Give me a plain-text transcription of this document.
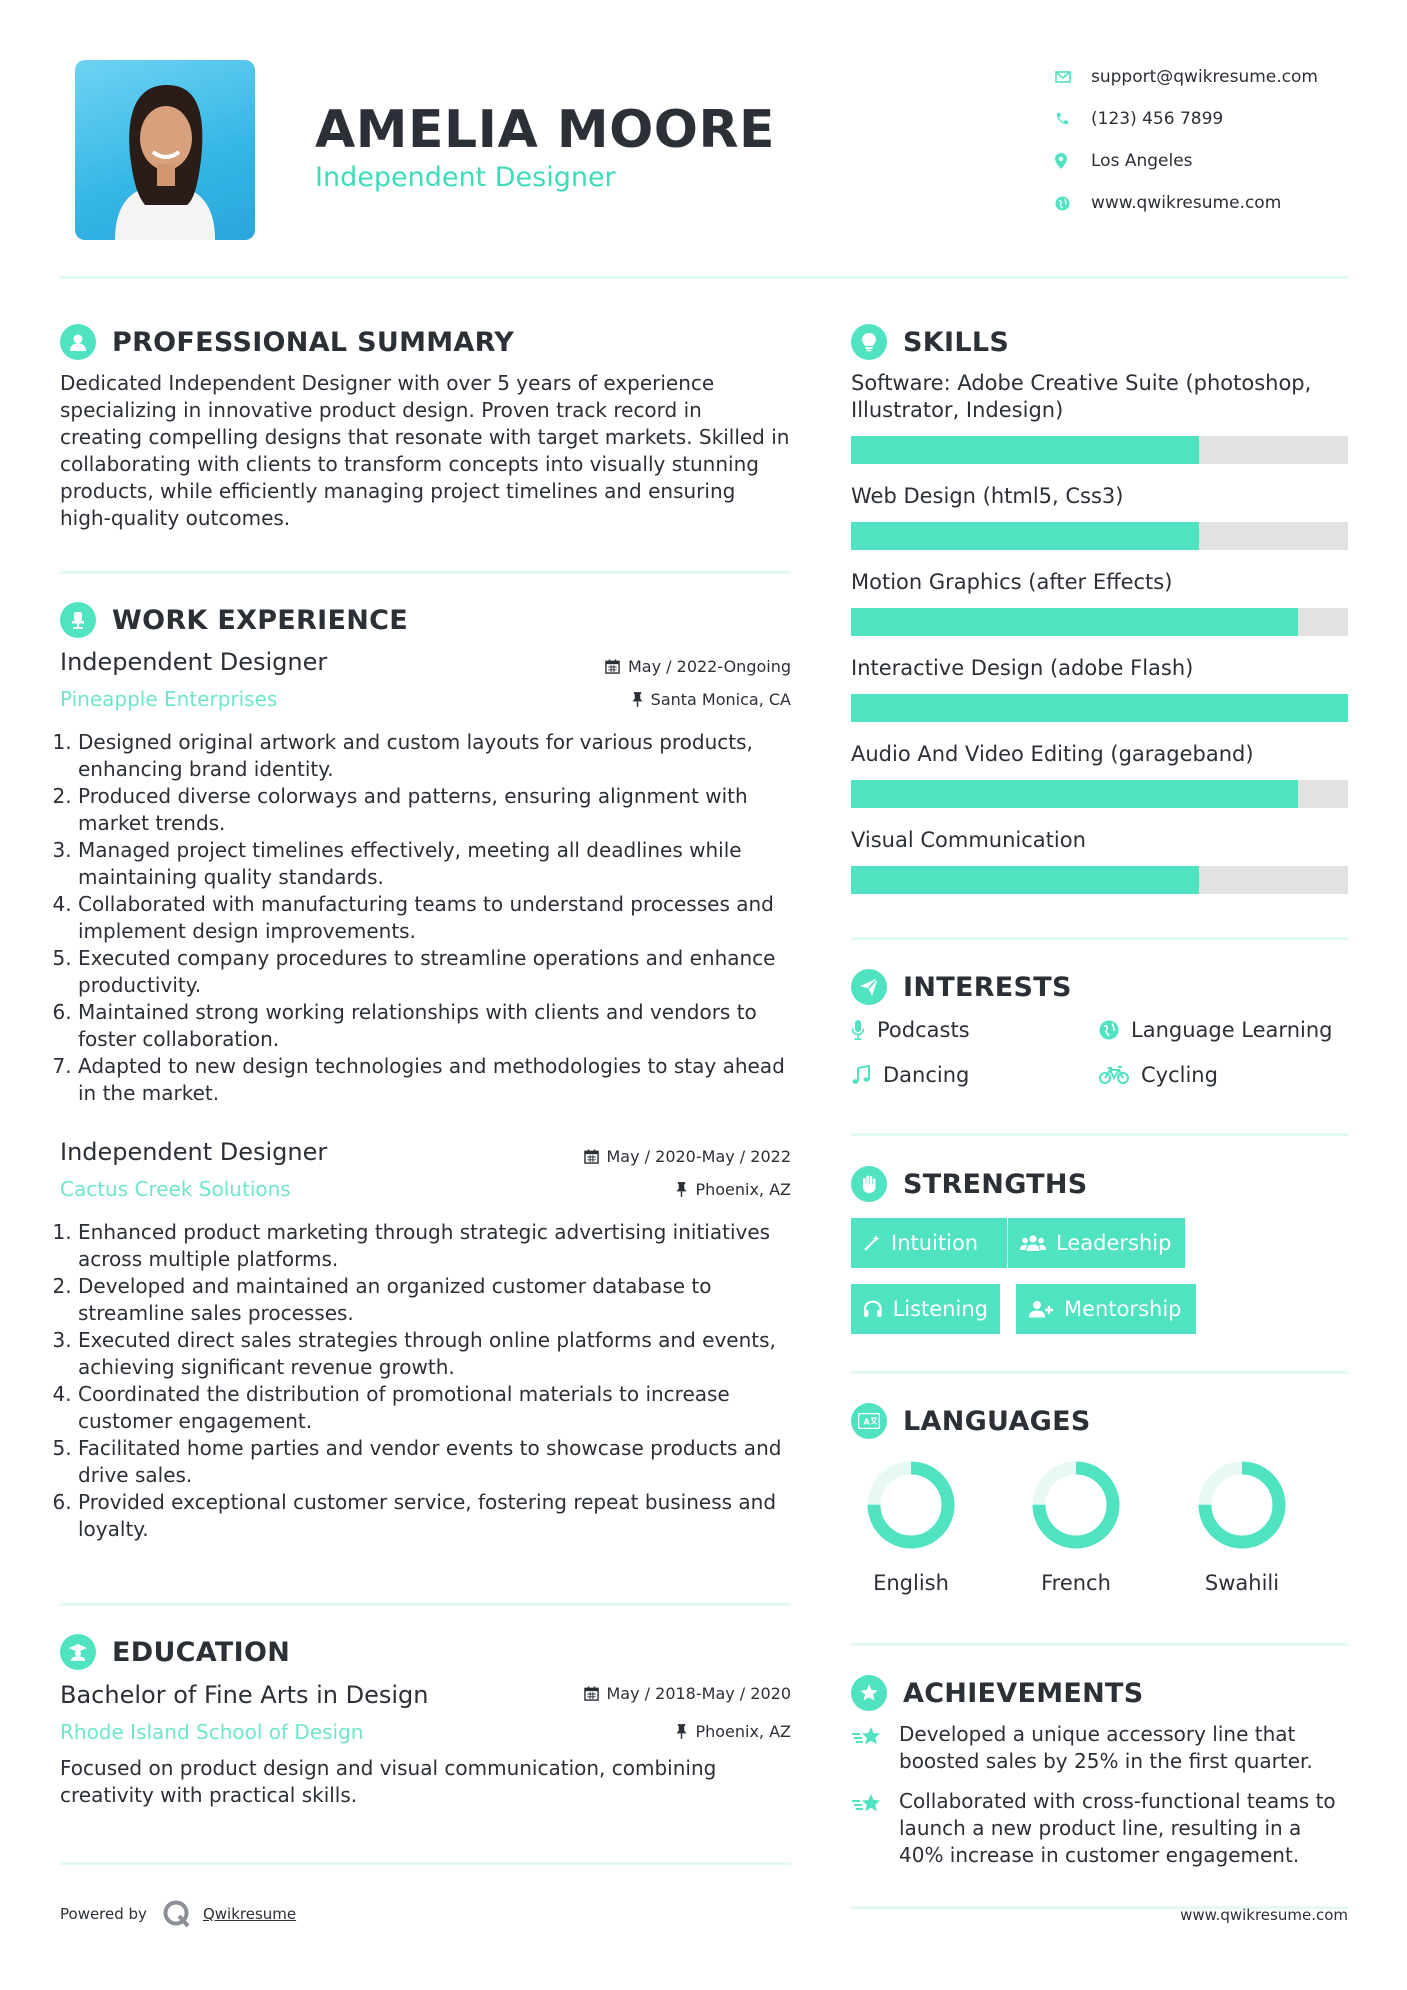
AMELIA MOORE
Independent Designer
support@qwikresume.com
(123) 456 7899
Los Angeles
www.qwikresume.com
PROFESSIONAL SUMMARY
Dedicated Independent Designer with over 5 years of experience specializing in innovative product design. Proven track record in creating compelling designs that resonate with target markets. Skilled in collaborating with clients to transform concepts into visually stunning products, while efficiently managing project timelines and ensuring high-quality outcomes.
WORK EXPERIENCE
Independent Designer	May / 2022-Ongoing
Pineapple Enterprises	Santa Monica, CA
1. Designed original artwork and custom layouts for various products, enhancing brand identity.
2. Produced diverse colorways and patterns, ensuring alignment with market trends.
3. Managed project timelines effectively, meeting all deadlines while maintaining quality standards.
4. Collaborated with manufacturing teams to understand processes and implement design improvements.
5. Executed company procedures to streamline operations and enhance productivity.
6. Maintained strong working relationships with clients and vendors to foster collaboration.
7. Adapted to new design technologies and methodologies to stay ahead in the market.
Independent Designer	May / 2020-May / 2022
Cactus Creek Solutions	Phoenix, AZ
1. Enhanced product marketing through strategic advertising initiatives across multiple platforms.
2. Developed and maintained an organized customer database to streamline sales processes.
3. Executed direct sales strategies through online platforms and events, achieving significant revenue growth.
4. Coordinated the distribution of promotional materials to increase customer engagement.
5. Facilitated home parties and vendor events to showcase products and drive sales.
6. Provided exceptional customer service, fostering repeat business and loyalty.
EDUCATION
Bachelor of Fine Arts in Design	May / 2018-May / 2020
Rhode Island School of Design	Phoenix, AZ
Focused on product design and visual communication, combining creativity with practical skills.
SKILLS
Software: Adobe Creative Suite (photoshop, Illustrator, Indesign)
Web Design (html5, Css3)
Motion Graphics (after Effects)
Interactive Design (adobe Flash)
Audio And Video Editing (garageband)
Visual Communication
INTERESTS
Podcasts	Language Learning
Dancing	Cycling
STRENGTHS
Intuition	Leadership
Listening	Mentorship
A LANGUAGES
English	French	Swahili
ACHIEVEMENTS
Developed a unique accessory line that boosted sales by 25% in the first quarter.
Collaborated with cross-functional teams to launch a new product line, resulting in a 40% increase in customer engagement.
Powered by	Qwikresume	www.qwikresume.com
